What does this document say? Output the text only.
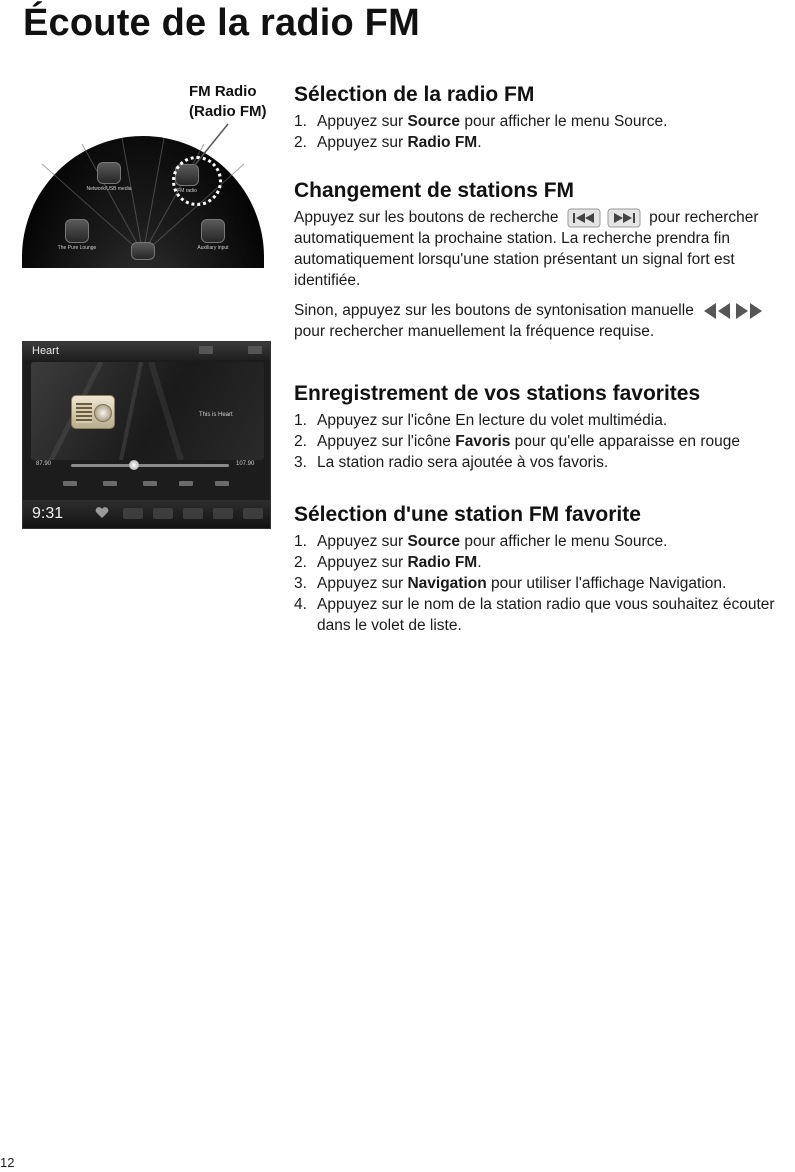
Écoute de la radio FM
Network/USB media	FM radio
The Pure Lounge	Auxiliary input
FM Radio
(Radio FM)
Heart
This is Heart
87.90	107.90
9:31
Sélection de la radio FM
1. Appuyez sur Source pour afficher le menu Source.
2. Appuyez sur Radio FM.
Changement de stations FM

Appuyez sur les boutons de recherche	pour rechercher automatiquement la prochaine station. La recherche prendra fin automatiquement lorsqu'une station présentant un signal fort est identifiée.

Sinon, appuyez sur les boutons de syntonisation manuelle  pour rechercher manuellement la fréquence requise.

Enregistrement de vos stations favorites
1. Appuyez sur l'icône En lecture du volet multimédia.
2. Appuyez sur l'icône Favoris pour qu'elle apparaisse en rouge
3. La station radio sera ajoutée à vos favoris.
Sélection d'une station FM favorite
1. Appuyez sur Source pour afficher le menu Source.
2. Appuyez sur Radio FM.
3. Appuyez sur Navigation pour utiliser l'affichage Navigation.
4. Appuyez sur le nom de la station radio que vous souhaitez écouter dans le volet de liste.
12
